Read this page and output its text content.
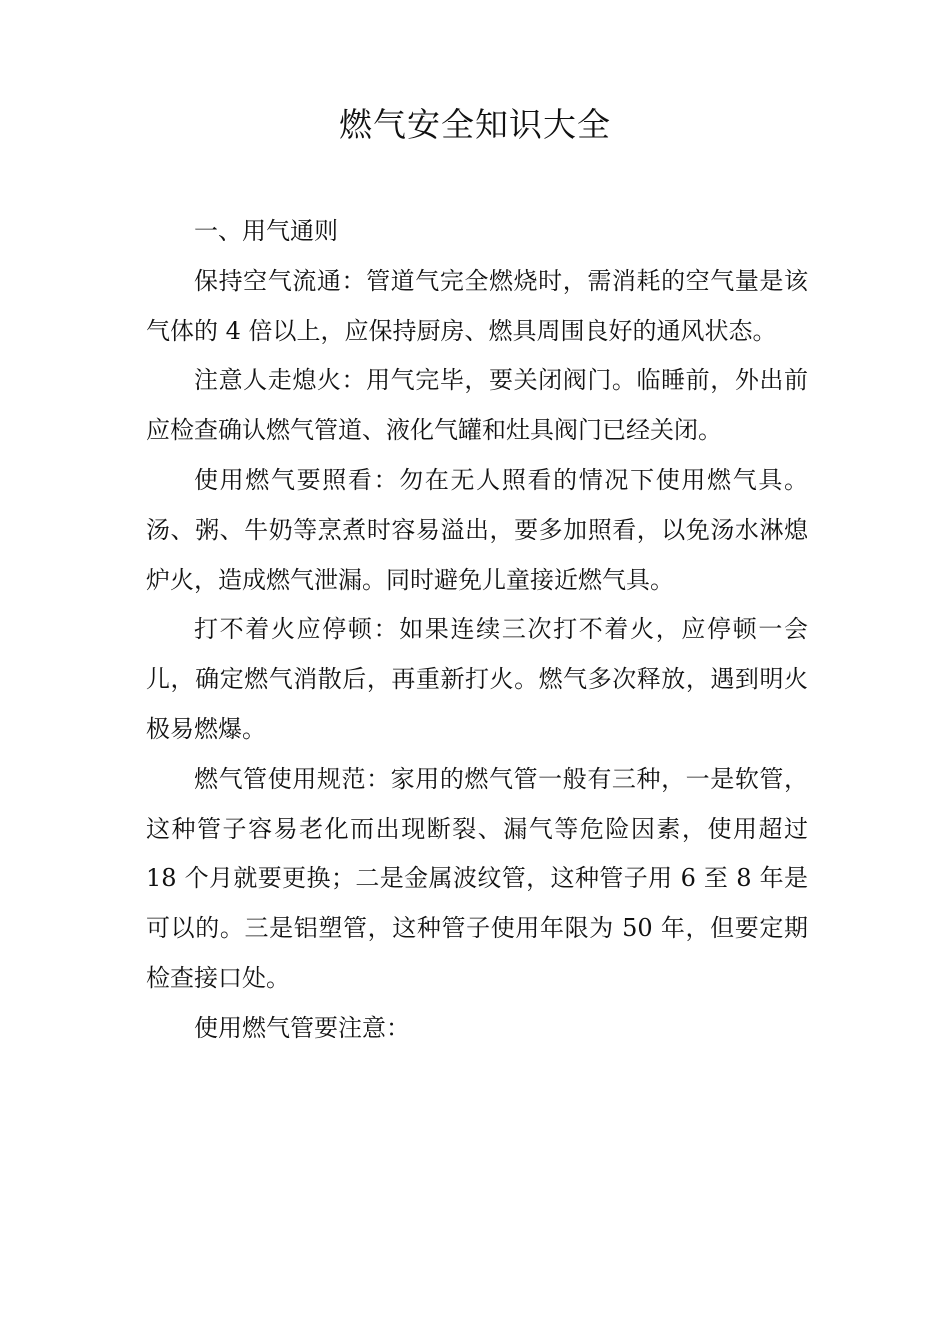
燃气安全知识大全

一、用气通则

保持空气流通：管道气完全燃烧时，需消耗的空气量是该气体的 4 倍以上，应保持厨房、燃具周围良好的通风状态。

注意人走熄火：用气完毕，要关闭阀门。临睡前，外出前应检查确认燃气管道、液化气罐和灶具阀门已经关闭。

使用燃气要照看：勿在无人照看的情况下使用燃气具。汤、粥、牛奶等烹煮时容易溢出，要多加照看，以免汤水淋熄炉火，造成燃气泄漏。同时避免儿童接近燃气具。

打不着火应停顿：如果连续三次打不着火，应停顿一会儿，确定燃气消散后，再重新打火。燃气多次释放，遇到明火极易燃爆。

燃气管使用规范：家用的燃气管一般有三种，一是软管，这种管子容易老化而出现断裂、漏气等危险因素，使用超过 18 个月就要更换；二是金属波纹管，这种管子用 6 至 8 年是可以的。三是铝塑管，这种管子使用年限为 50 年，但要定期检查接口处。

使用燃气管要注意：
